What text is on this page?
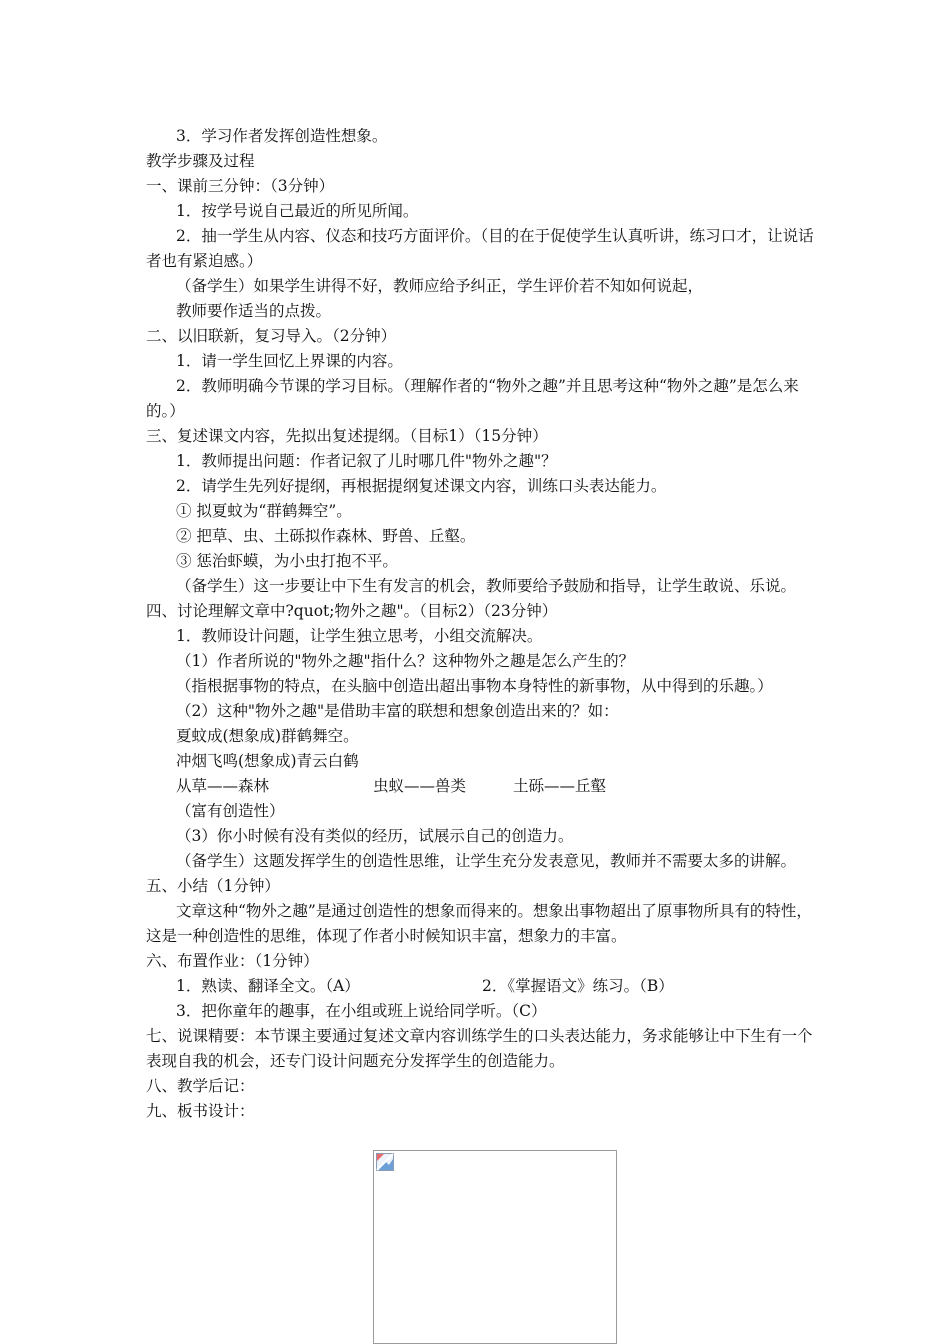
3．学习作者发挥创造性想象。

教学步骤及过程

一、课前三分钟：（3分钟）

1．按学号说自己最近的所见所闻。

2．抽一学生从内容、仪态和技巧方面评价。（目的在于促使学生认真听讲，练习口才，让说话者也有紧迫感。）

（备学生）如果学生讲得不好，教师应给予纠正，学生评价若不知如何说起，

教师要作适当的点拨。

二、以旧联新，复习导入。（2分钟）

1．请一学生回忆上界课的内容。

2．教师明确今节课的学习目标。（理解作者的“物外之趣”并且思考这种“物外之趣”是怎么来的。）

三、复述课文内容，先拟出复述提纲。（目标1）（15分钟）

1．教师提出问题：作者记叙了儿时哪几件"物外之趣"？

2．请学生先列好提纲，再根据提纲复述课文内容，训练口头表达能力。

① 拟夏蚊为“群鹤舞空”。

② 把草、虫、土砾拟作森林、野兽、丘壑。

③ 惩治虾蟆，为小虫打抱不平。

（备学生）这一步要让中下生有发言的机会，教师要给予鼓励和指导，让学生敢说、乐说。

四、讨论理解文章中?quot;物外之趣"。（目标2）（23分钟）

1．教师设计问题，让学生独立思考，小组交流解决。

（1）作者所说的"物外之趣"指什么？这种物外之趣是怎么产生的？

（指根据事物的特点，在头脑中创造出超出事物本身特性的新事物，从中得到的乐趣。）

（2）这种"物外之趣"是借助丰富的联想和想象创造出来的？如：

夏蚊成(想象成)群鹤舞空。

冲烟飞鸣(想象成)青云白鹤

从草——森林	虫蚁——兽类	土砾——丘壑

（富有创造性）

（3）你小时候有没有类似的经历，试展示自己的创造力。

（备学生）这题发挥学生的创造性思维，让学生充分发表意见，教师并不需要太多的讲解。

五、小结（1分钟）

文章这种“物外之趣”是通过创造性的想象而得来的。想象出事物超出了原事物所具有的特性，这是一种创造性的思维，体现了作者小时候知识丰富，想象力的丰富。

六、布置作业：（1分钟）

1．熟读、翻译全文。（A）	2．《掌握语文》练习。（B）

3．把你童年的趣事，在小组或班上说给同学听。（C）

七、说课精要：本节课主要通过复述文章内容训练学生的口头表达能力，务求能够让中下生有一个表现自我的机会，还专门设计问题充分发挥学生的创造能力。

八、教学后记：

九、板书设计：
